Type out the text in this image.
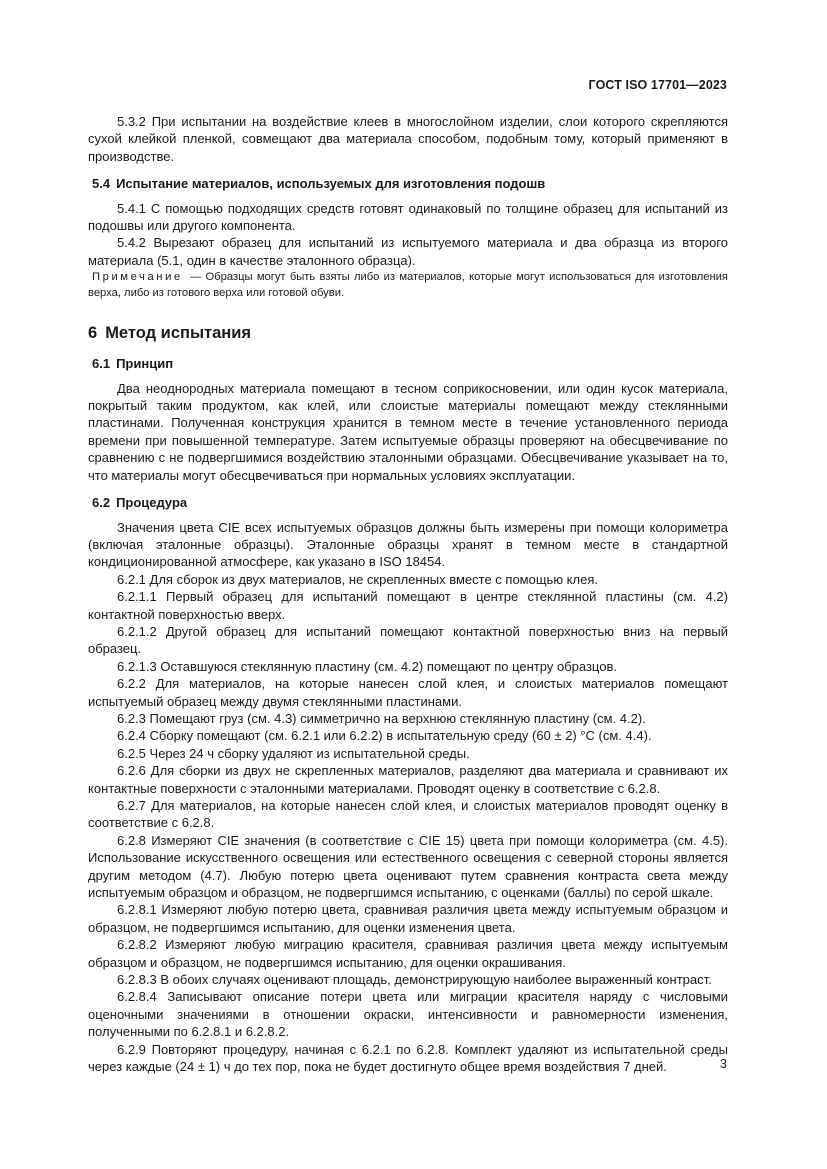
ГОСТ ISO 17701—2023

5.3.2 При испытании на воздействие клеев в многослойном изделии, слои которого скрепляются сухой клейкой пленкой, совмещают два материала способом, подобным тому, который применяют в производстве.

5.4 Испытание материалов, используемых для изготовления подошв

5.4.1 С помощью подходящих средств готовят одинаковый по толщине образец для испытаний из подошвы или другого компонента.

5.4.2 Вырезают образец для испытаний из испытуемого материала и два образца из второго материала (5.1, один в качестве эталонного образца).

Примечание — Образцы могут быть взяты либо из материалов, которые могут использоваться для изготовления верха, либо из готового верха или готовой обуви.

6 Метод испытания
6.1 Принцип

Два неоднородных материала помещают в тесном соприкосновении, или один кусок материала, покрытый таким продуктом, как клей, или слоистые материалы помещают между стеклянными пластинами. Полученная конструкция хранится в темном месте в течение установленного периода времени при повышенной температуре. Затем испытуемые образцы проверяют на обесцвечивание по сравнению с не подвергшимися воздействию эталонными образцами. Обесцвечивание указывает на то, что материалы могут обесцвечиваться при нормальных условиях эксплуатации.

6.2 Процедура

Значения цвета CIE всех испытуемых образцов должны быть измерены при помощи колориметра (включая эталонные образцы). Эталонные образцы хранят в темном месте в стандартной кондиционированной атмосфере, как указано в ISO 18454.

6.2.1 Для сборок из двух материалов, не скрепленных вместе с помощью клея.

6.2.1.1 Первый образец для испытаний помещают в центре стеклянной пластины (см. 4.2) контактной поверхностью вверх.

6.2.1.2 Другой образец для испытаний помещают контактной поверхностью вниз на первый образец.

6.2.1.3 Оставшуюся стеклянную пластину (см. 4.2) помещают по центру образцов.

6.2.2 Для материалов, на которые нанесен слой клея, и слоистых материалов помещают испытуемый образец между двумя стеклянными пластинами.

6.2.3 Помещают груз (см. 4.3) симметрично на верхнюю стеклянную пластину (см. 4.2).

6.2.4 Сборку помещают (см. 6.2.1 или 6.2.2) в испытательную среду (60 ± 2) °С (см. 4.4).

6.2.5 Через 24 ч сборку удаляют из испытательной среды.

6.2.6 Для сборки из двух не скрепленных материалов, разделяют два материала и сравнивают их контактные поверхности с эталонными материалами. Проводят оценку в соответствие с 6.2.8.

6.2.7 Для материалов, на которые нанесен слой клея, и слоистых материалов проводят оценку в соответствие с 6.2.8.

6.2.8 Измеряют CIE значения (в соответствие с CIE 15) цвета при помощи колориметра (см. 4.5). Использование искусственного освещения или естественного освещения с северной стороны является другим методом (4.7). Любую потерю цвета оценивают путем сравнения контраста света между испытуемым образцом и образцом, не подвергшимся испытанию, с оценками (баллы) по серой шкале.

6.2.8.1 Измеряют любую потерю цвета, сравнивая различия цвета между испытуемым образцом и образцом, не подвергшимся испытанию, для оценки изменения цвета.

6.2.8.2 Измеряют любую миграцию красителя, сравнивая различия цвета между испытуемым образцом и образцом, не подвергшимся испытанию, для оценки окрашивания.

6.2.8.3 В обоих случаях оценивают площадь, демонстрирующую наиболее выраженный контраст.

6.2.8.4 Записывают описание потери цвета или миграции красителя наряду с числовыми оценочными значениями в отношении окраски, интенсивности и равномерности изменения, полученными по 6.2.8.1 и 6.2.8.2.

6.2.9 Повторяют процедуру, начиная с 6.2.1 по 6.2.8. Комплект удаляют из испытательной среды через каждые (24 ± 1) ч до тех пор, пока не будет достигнуто общее время воздействия 7 дней.	3
